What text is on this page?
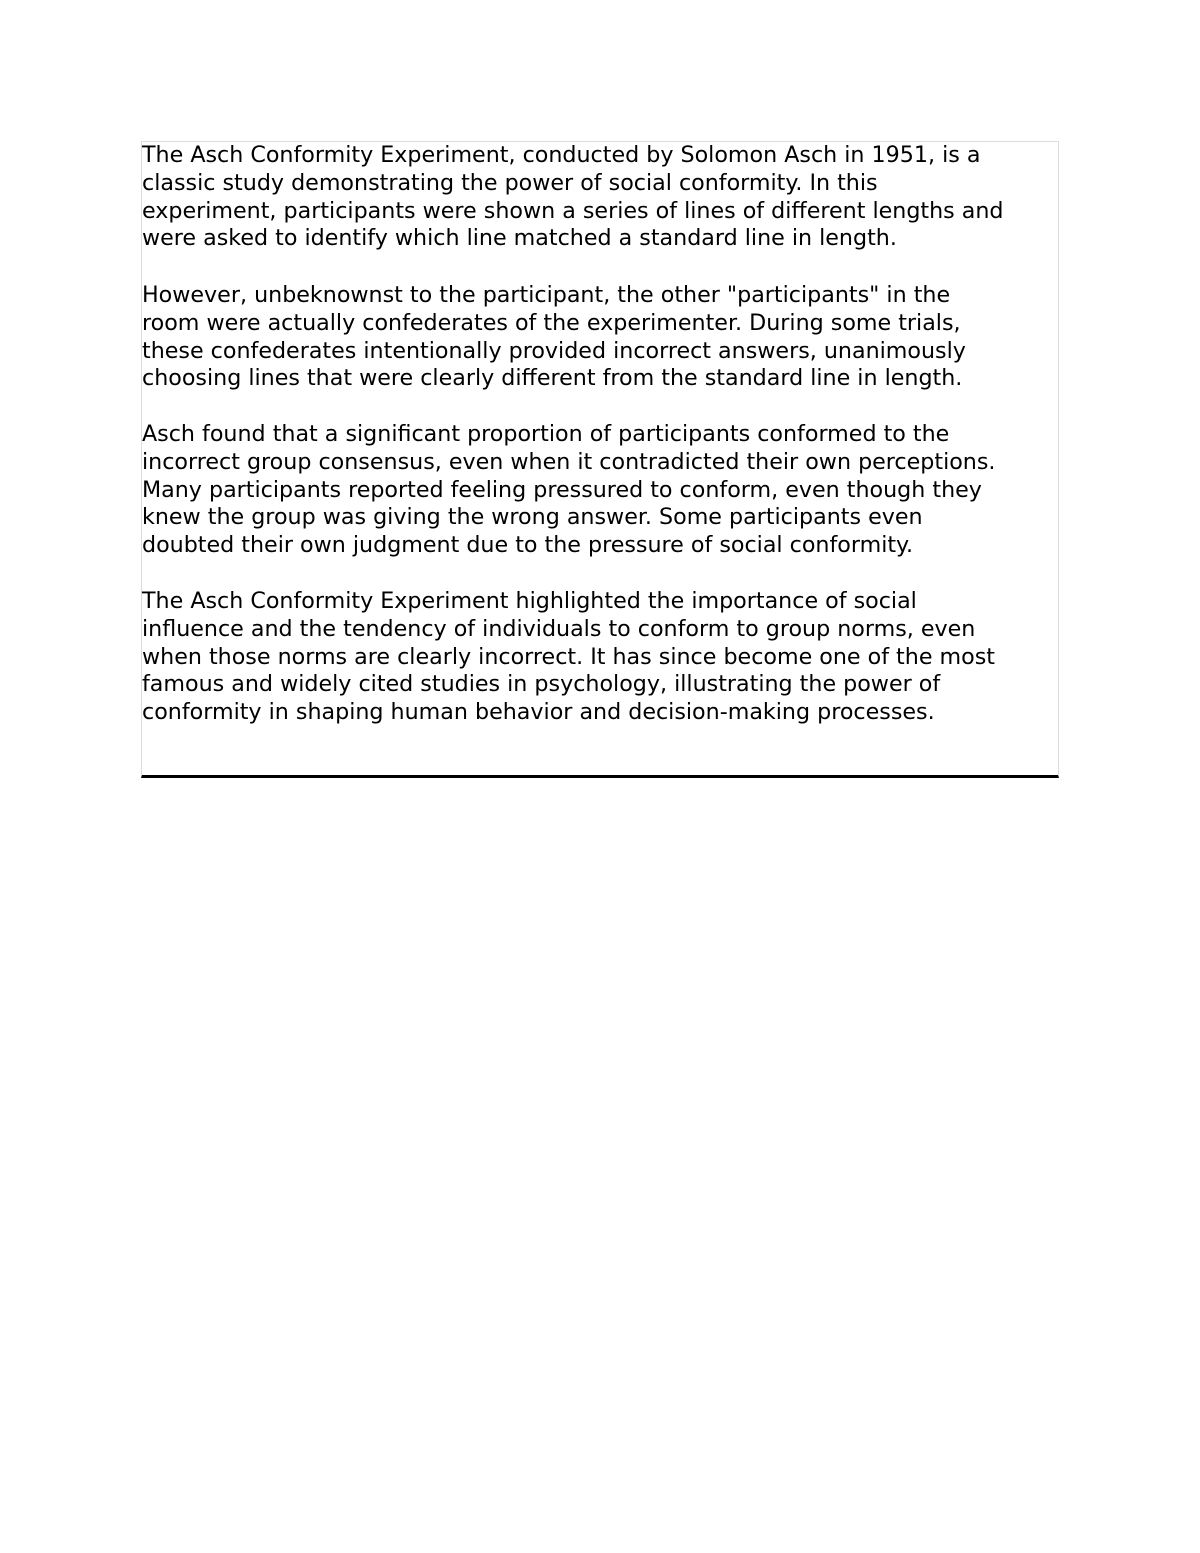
The Asch Conformity Experiment, conducted by Solomon Asch in 1951, is a
classic study demonstrating the power of social conformity. In this
experiment, participants were shown a series of lines of different lengths and
were asked to identify which line matched a standard line in length.

However, unbeknownst to the participant, the other "participants" in the
room were actually confederates of the experimenter. During some trials,
these confederates intentionally provided incorrect answers, unanimously
choosing lines that were clearly different from the standard line in length.

Asch found that a significant proportion of participants conformed to the
incorrect group consensus, even when it contradicted their own perceptions.
Many participants reported feeling pressured to conform, even though they
knew the group was giving the wrong answer. Some participants even
doubted their own judgment due to the pressure of social conformity.

The Asch Conformity Experiment highlighted the importance of social
influence and the tendency of individuals to conform to group norms, even
when those norms are clearly incorrect. It has since become one of the most
famous and widely cited studies in psychology, illustrating the power of
conformity in shaping human behavior and decision-making processes.
